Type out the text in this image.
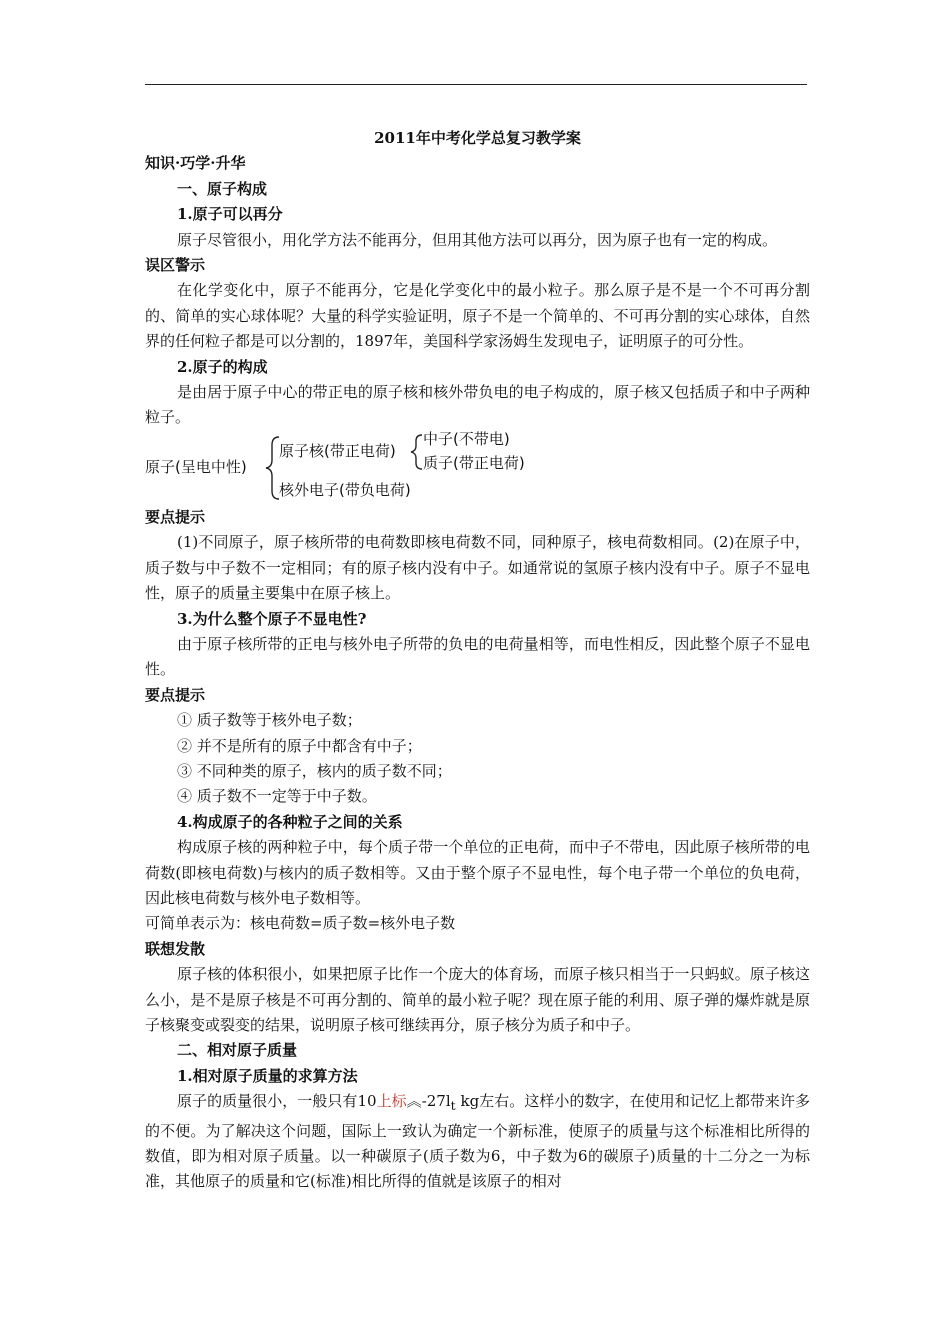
2011年中考化学总复习教学案

知识·巧学·升华

一、原子构成

1.原子可以再分

原子尽管很小，用化学方法不能再分，但用其他方法可以再分，因为原子也有一定的构成。

误区警示

在化学变化中，原子不能再分，它是化学变化中的最小粒子。那么原子是不是一个不可再分割的、简单的实心球体呢？大量的科学实验证明，原子不是一个简单的、不可再分割的实心球体，自然界的任何粒子都是可以分割的，1897年，美国科学家汤姆生发现电子，证明原子的可分性。

2.原子的构成

是由居于原子中心的带正电的原子核和核外带负电的电子构成的，原子核又包括质子和中子两种粒子。

原子(呈电中性)
原子核(带正电荷)
中子(不带电)
质子(带正电荷)
核外电子(带负电荷)

要点提示

(1)不同原子，原子核所带的电荷数即核电荷数不同，同种原子，核电荷数相同。(2)在原子中，质子数与中子数不一定相同；有的原子核内没有中子。如通常说的氢原子核内没有中子。原子不显电性，原子的质量主要集中在原子核上。

3.为什么整个原子不显电性?

由于原子核所带的正电与核外电子所带的负电的电荷量相等，而电性相反，因此整个原子不显电性。

要点提示

① 质子数等于核外电子数；

② 并不是所有的原子中都含有中子；

③ 不同种类的原子，核内的质子数不同；

④ 质子数不一定等于中子数。

4.构成原子的各种粒子之间的关系

构成原子核的两种粒子中，每个质子带一个单位的正电荷，而中子不带电，因此原子核所带的电荷数(即核电荷数)与核内的质子数相等。又由于整个原子不显电性，每个电子带一个单位的负电荷，因此核电荷数与核外电子数相等。

可简单表示为：核电荷数=质子数=核外电子数

联想发散

原子核的体积很小，如果把原子比作一个庞大的体育场，而原子核只相当于一只蚂蚁。原子核这么小，是不是原子核是不可再分割的、简单的最小粒子呢？现在原子能的利用、原子弹的爆炸就是原子核聚变或裂变的结果，说明原子核可继续再分，原子核分为质子和中子。

二、相对原子质量

1.相对原子质量的求算方法

原子的质量很小，一般只有10上标$︽-27l_t$ kg左右。这样小的数字，在使用和记忆上都带来许多的不便。为了解决这个问题，国际上一致认为确定一个新标准，使原子的质量与这个标准相比所得的数值，即为相对原子质量。以一种碳原子(质子数为6，中子数为6的碳原子)质量的十二分之一为标准，其他原子的质量和它(标准)相比所得的值就是该原子的相对
